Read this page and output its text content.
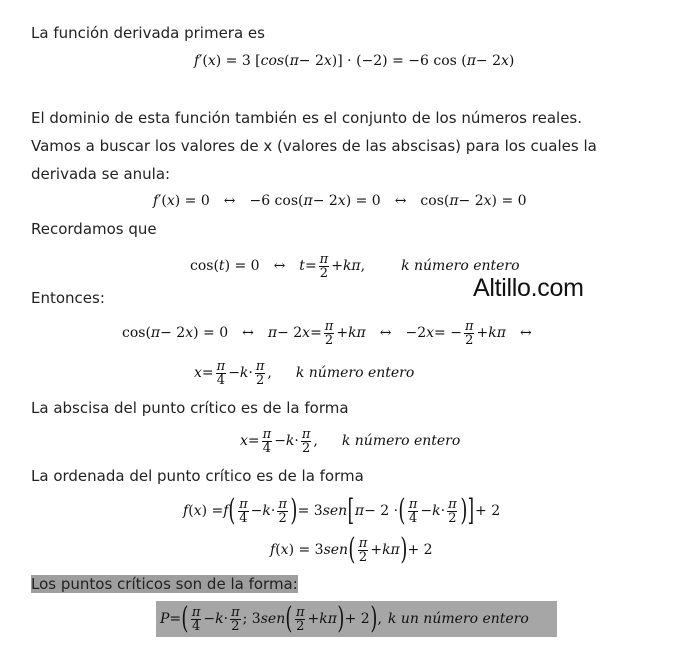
La función derivada primera es
f ′( x ) = 3 [ cos ( π − 2 x )] · (−2) = −6 cos ( π − 2 x )
El dominio de esta función también es el conjunto de los números reales.
Vamos a buscar los valores de x (valores de las abscisas) para los cuales la
derivada se anula:
f ′( x ) = 0 ↔ −6 cos( π − 2 x ) = 0 ↔ cos( π − 2 x ) = 0
Recordamos que
cos( t ) = 0 ↔ t = π
2 + kπ ,	k número entero
Altillo.com
Entonces:
cos( π − 2 x ) = 0 ↔ π − 2 x = π
2 + kπ ↔ −2 x = − π
2 + kπ ↔
x = π
4 − k · π
2 , k número entero
La abscisa del punto crítico es de la forma
x = π
4 − k · π
2 , k número entero
La ordenada del punto crítico es de la forma
f ( x ) = f ( π
4 − k · π
2 ) = 3 sen [ π − 2 · ( π
4 − k · π
2 ) ] + 2
f ( x ) = 3 sen ( π
2 + kπ ) + 2
Los puntos críticos son de la forma:
P = ( π
4 − k · π
2 ; 3 sen ( π
2 + kπ ) + 2 ) , k un número entero
